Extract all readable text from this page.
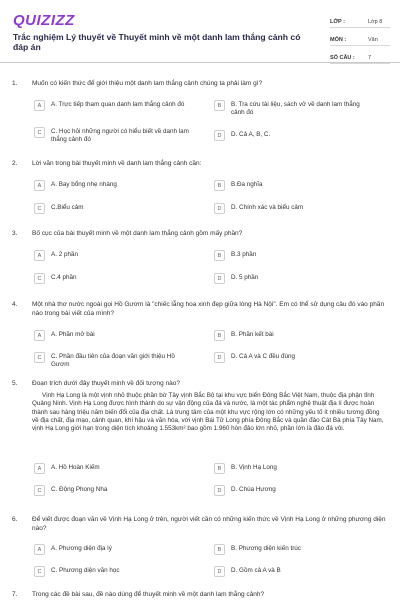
QUIZIZZ
Trắc nghiệm Lý thuyết về Thuyết minh về một danh lam thắng cảnh có đáp án
LỚP :	Lớp 8
MÔN :	Văn
SỐ CÂU :	7
1. Muốn có kiến thức để giới thiệu một danh lam thắng cảnh chúng ta phải làm gì?
A	A. Trực tiếp tham quan danh lam thắng cảnh đó	B	B. Tra cứu tài liệu, sách vở về danh lam thắng cảnh đó
C	C. Học hỏi những người có hiểu biết về danh lam thắng cảnh đó
D	D. Cả A, B, C.
2. Lời văn trong bài thuyết minh về danh lam thắng cảnh cần:
A	A. Bay bổng nhẹ nhàng	B	B.Đa nghĩa
C	C.Biểu cảm	D	D. Chính xác và biểu cảm
3. Bố cục của bài thuyết minh về một danh lam thắng cảnh gồm mấy phần?
A	A. 2 phần	B	B.3 phần
C	C.4 phần	D	D. 5 phần
4. Một nhà thơ nước ngoài gọi Hồ Gươm là "chiếc lẵng hoa xinh đẹp giữa lòng Hà Nội". Em có thể sử dụng câu đó vào phần nào trong bài viết của mình?
A	A. Phần mở bài	B	B. Phần kết bài
C	C. Phần đầu tiên của đoạn văn giới thiệu Hồ Gươm
D	D. Cả A và C đều đúng
5. Đoạn trích dưới đây thuyết minh về đối tượng nào?

Vịnh Hạ Long là một vịnh nhỏ thuộc phần bờ Tây vịnh Bắc Bộ tại khu vực biển Đông Bắc Việt Nam, thuộc địa phận tỉnh Quảng Ninh. Vịnh Hạ Long được hình thành do sự vận động của đá và nước, là một tác phẩm nghệ thuật địa lí được hoàn thành sau hàng triệu năm biến đổi của địa chất. Là trung tâm của một khu vực rộng lớn có những yếu tố ít nhiều tương đồng về địa chất, địa mạo, cảnh quan, khí hậu và văn hóa, với vịnh Bái Tử Long phía Đông Bắc và quần đảo Cát Bà phía Tây Nam, vịnh Hạ Long giới hạn trong diện tích khoảng 1.553km² bao gồm 1.960 hòn đảo lớn nhỏ, phần lớn là đảo đá vôi.

A	A. Hồ Hoàn Kiếm	B	B. Vịnh Hạ Long
C	C. Động Phong Nha	D	D. Chùa Hương
6. Để viết được đoạn văn về Vịnh Hạ Long ở trên, người viết cần có những kiến thức về Vịnh Hạ Long ở những phương diện nào?
A	A. Phương diện địa lý	B	B. Phương diện kiến trúc
C	C. Phương diện văn học	D	D. Gồm cả A và B
7. Trong các đề bài sau, đề nào dùng để thuyết minh về một danh lam thắng cảnh?
